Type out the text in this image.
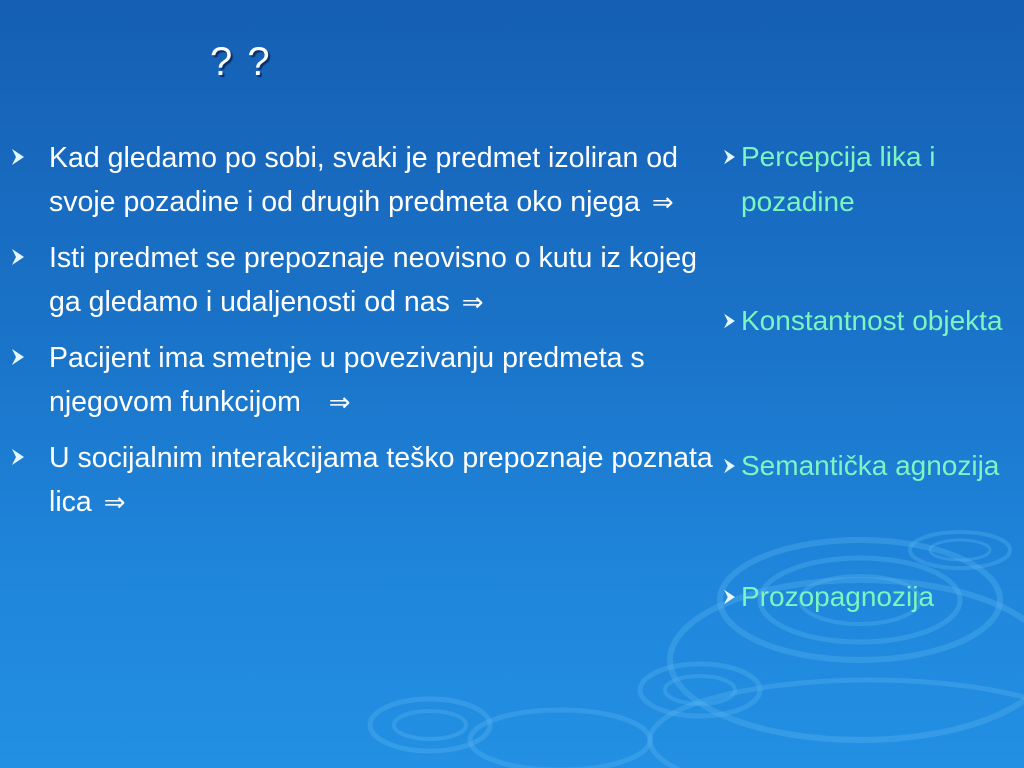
? ?
Kad gledamo po sobi, svaki je predmet izoliran od svoje pozadine i od drugih predmeta oko njega ⇒
Isti predmet se prepoznaje neovisno o kutu iz kojeg ga gledamo i udaljenosti od nas ⇒
Pacijent ima smetnje u povezivanju predmeta s njegovom funkcijom ⇒
U socijalnim interakcijama teško prepoznaje poznata lica ⇒
Percepcija lika i pozadine
Konstantnost objekta
Semantička agnozija
Prozopagnozija
